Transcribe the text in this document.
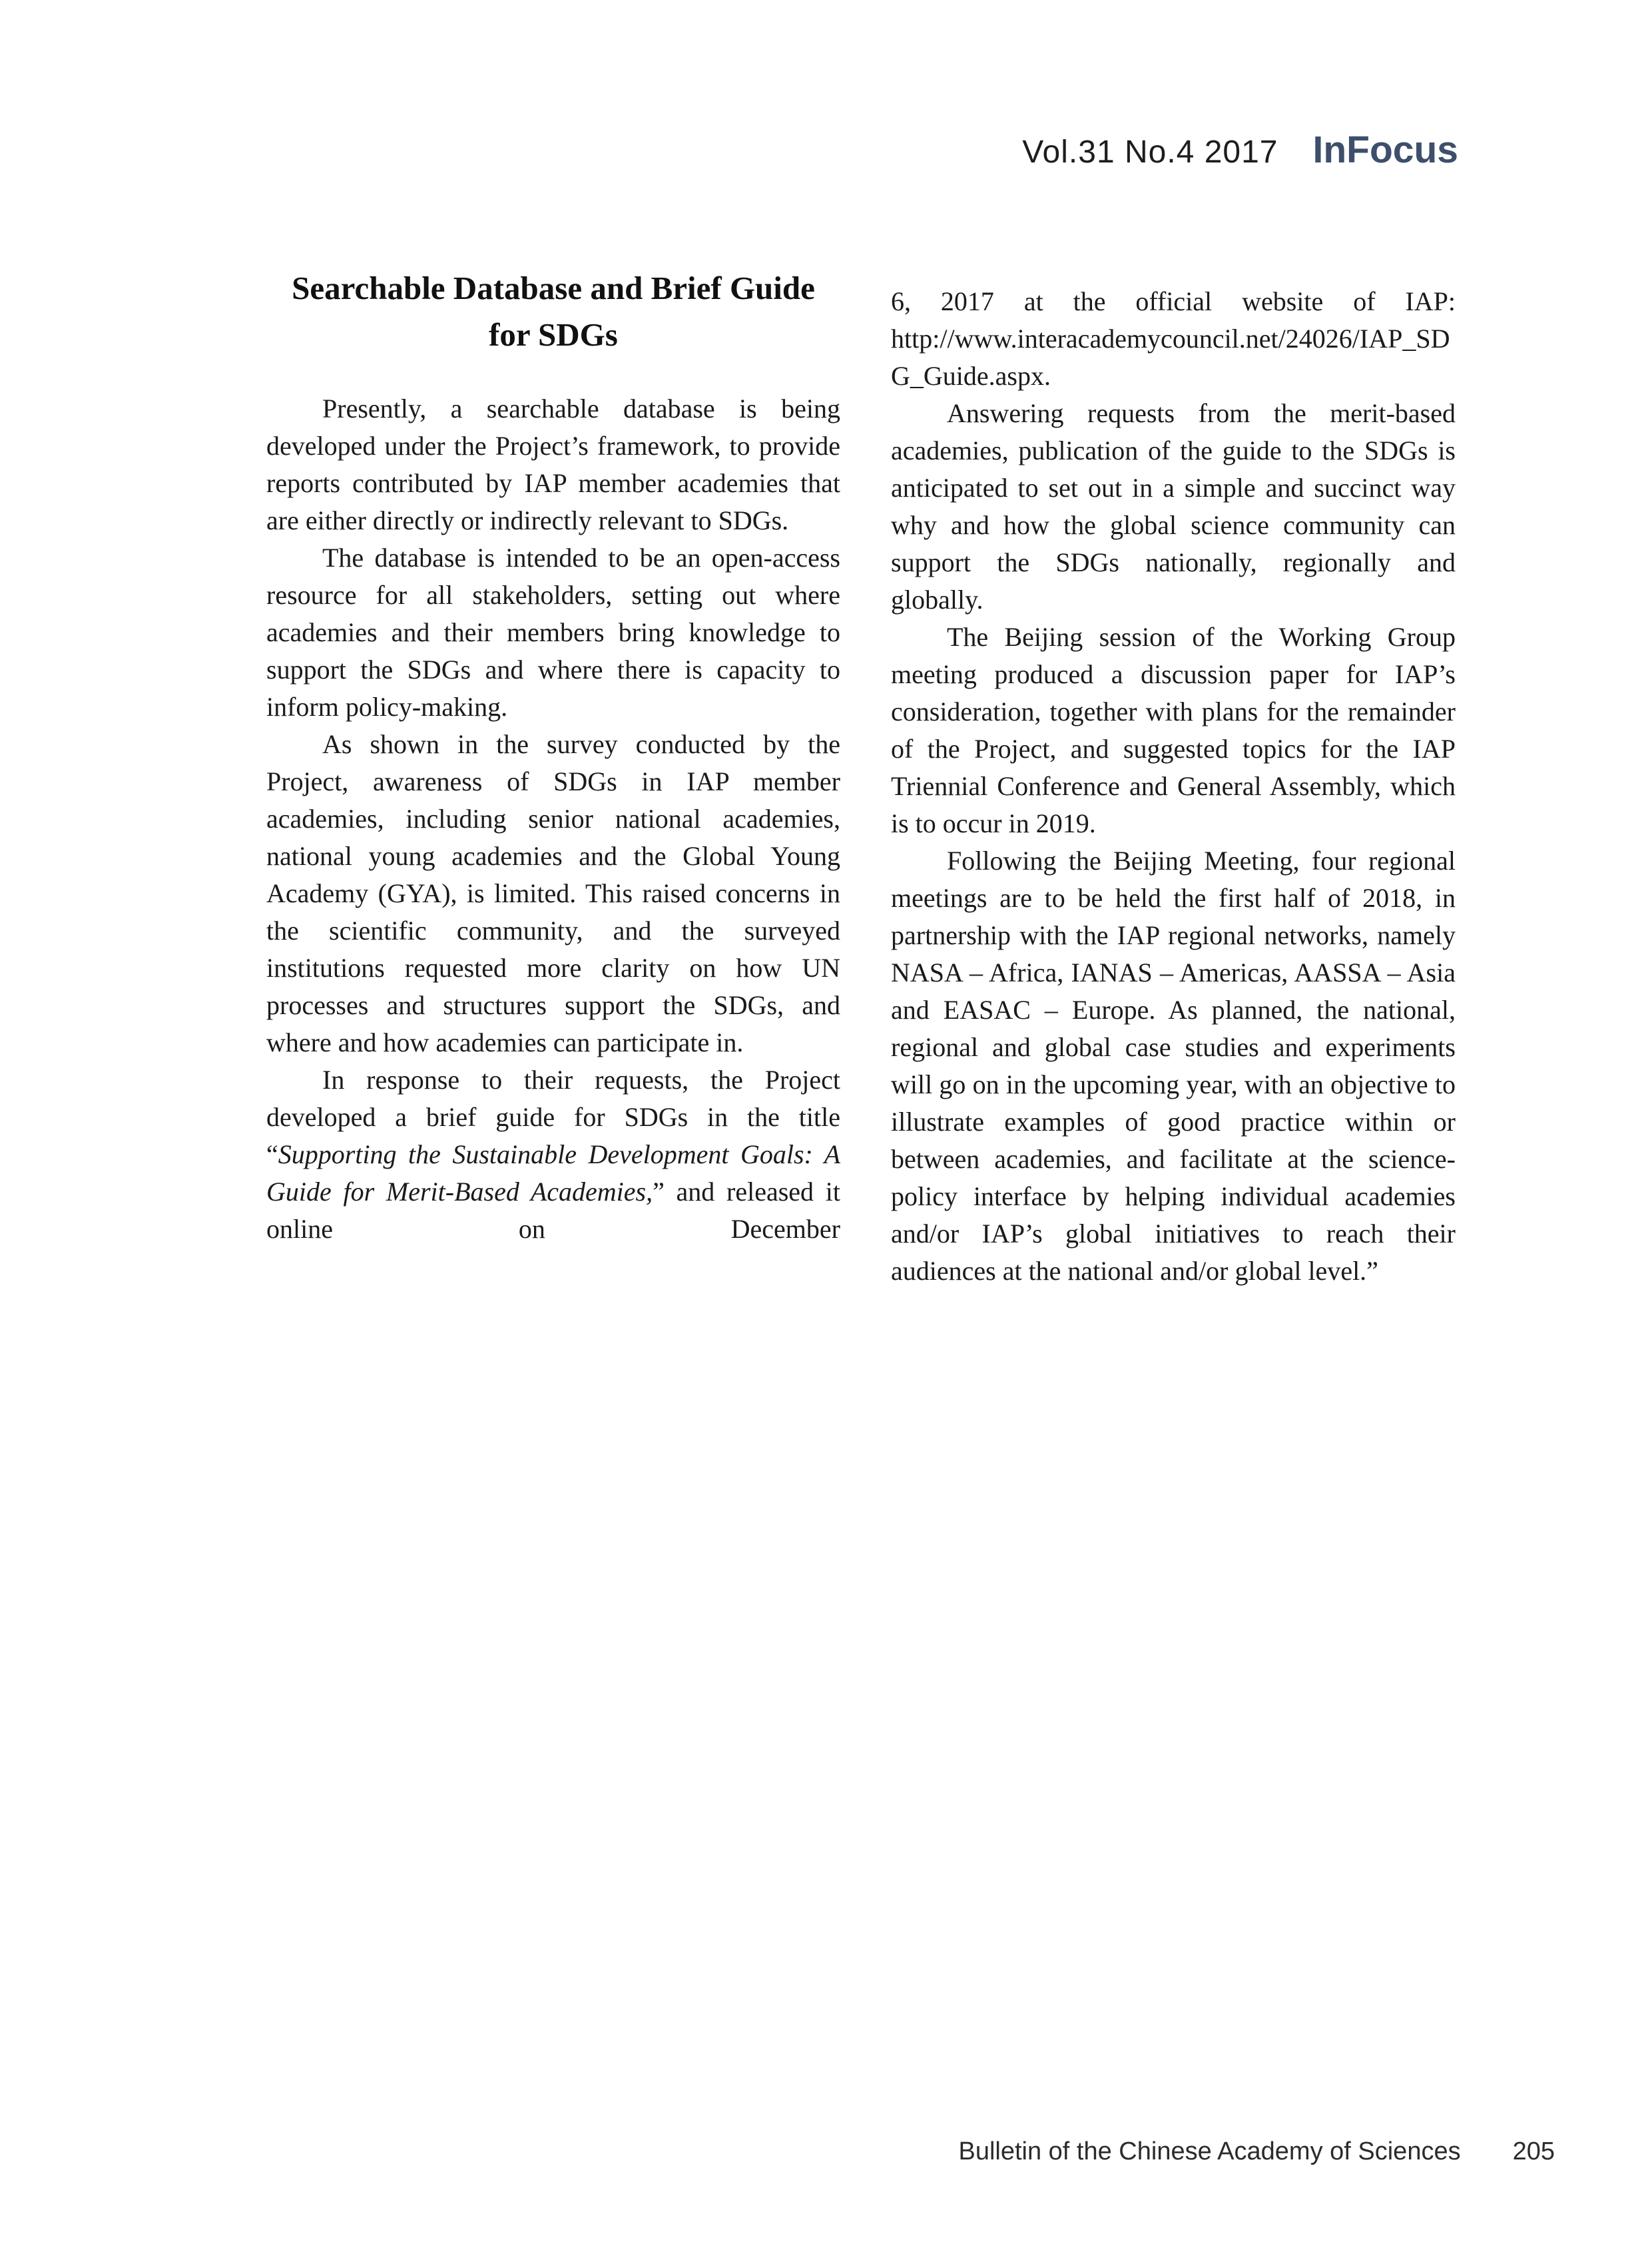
Vol.31 No.4 2017 InFocus
Searchable Database and Brief Guide
for SDGs

Presently, a searchable database is being developed under the Project’s framework, to provide reports contributed by IAP member academies that are either directly or indirectly relevant to SDGs.

The database is intended to be an open-access resource for all stakeholders, setting out where academies and their members bring knowledge to support the SDGs and where there is capacity to inform policy-making.

As shown in the survey conducted by the Project, awareness of SDGs in IAP member academies, including senior national academies, national young academies and the Global Young Academy (GYA), is limited. This raised concerns in the scientific community, and the surveyed institutions requested more clarity on how UN processes and structures support the SDGs, and where and how academies can participate in.

In response to their requests, the Project developed a brief guide for SDGs in the title “Supporting the Sustainable Development Goals: A Guide for Merit-Based Academies,” and released it online on December

6, 2017 at the official website of IAP: http://www.interacademycouncil.net/24026/IAP_SDG_Guide.aspx.

Answering requests from the merit-based academies, publication of the guide to the SDGs is anticipated to set out in a simple and succinct way why and how the global science community can support the SDGs nationally, regionally and globally.

The Beijing session of the Working Group meeting produced a discussion paper for IAP’s consideration, together with plans for the remainder of the Project, and suggested topics for the IAP Triennial Conference and General Assembly, which is to occur in 2019.

Following the Beijing Meeting, four regional meetings are to be held the first half of 2018, in partnership with the IAP regional networks, namely NASA – Africa, IANAS – Americas, AASSA – Asia and EASAC – Europe. As planned, the national, regional and global case studies and experiments will go on in the upcoming year, with an objective to illustrate examples of good practice within or between academies, and facilitate at the science-policy interface by helping individual academies and/or IAP’s global initiatives to reach their audiences at the national and/or global level.”

Bulletin of the Chinese Academy of Sciences 205
